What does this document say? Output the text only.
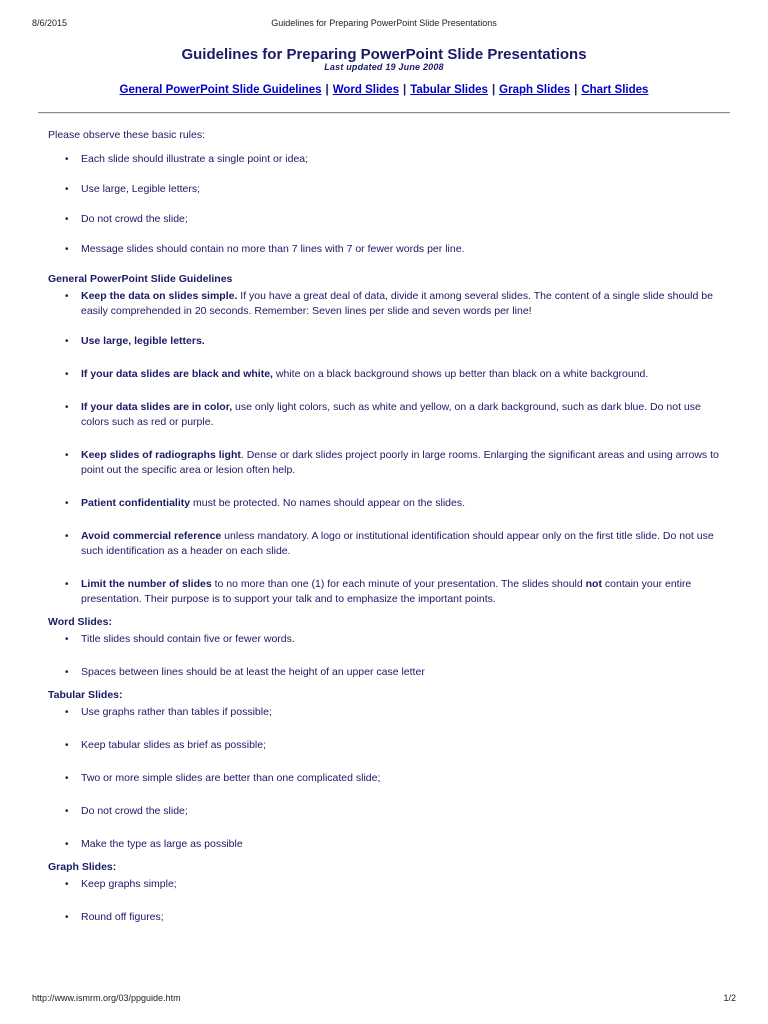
8/6/2015	Guidelines for Preparing PowerPoint Slide Presentations
Guidelines for Preparing PowerPoint Slide Presentations
Last updated 19 June 2008
General PowerPoint Slide Guidelines | Word Slides | Tabular Slides | Graph Slides | Chart Slides

Please observe these basic rules:

• Each slide should illustrate a single point or idea;
• Use large, Legible letters;
• Do not crowd the slide;
• Message slides should contain no more than 7 lines with 7 or fewer words per line.

General PowerPoint Slide Guidelines

• Keep the data on slides simple. If you have a great deal of data, divide it among several slides. The content of a single slide should be easily comprehended in 20 seconds. Remember: Seven lines per slide and seven words per line!
• Use large, legible letters.
• If your data slides are black and white, white on a black background shows up better than black on a white background.
• If your data slides are in color, use only light colors, such as white and yellow, on a dark background, such as dark blue. Do not use colors such as red or purple.
• Keep slides of radiographs light. Dense or dark slides project poorly in large rooms. Enlarging the significant areas and using arrows to point out the specific area or lesion often help.
• Patient confidentiality must be protected. No names should appear on the slides.
• Avoid commercial reference unless mandatory. A logo or institutional identification should appear only on the first title slide. Do not use such identification as a header on each slide.
• Limit the number of slides to no more than one (1) for each minute of your presentation. The slides should not contain your entire presentation. Their purpose is to support your talk and to emphasize the important points.

Word Slides:

• Title slides should contain five or fewer words.
• Spaces between lines should be at least the height of an upper case letter

Tabular Slides:

• Use graphs rather than tables if possible;
• Keep tabular slides as brief as possible;
• Two or more simple slides are better than one complicated slide;
• Do not crowd the slide;
• Make the type as large as possible

Graph Slides:

• Keep graphs simple;
• Round off figures;
http://www.ismrm.org/03/ppguide.htm	1/2
